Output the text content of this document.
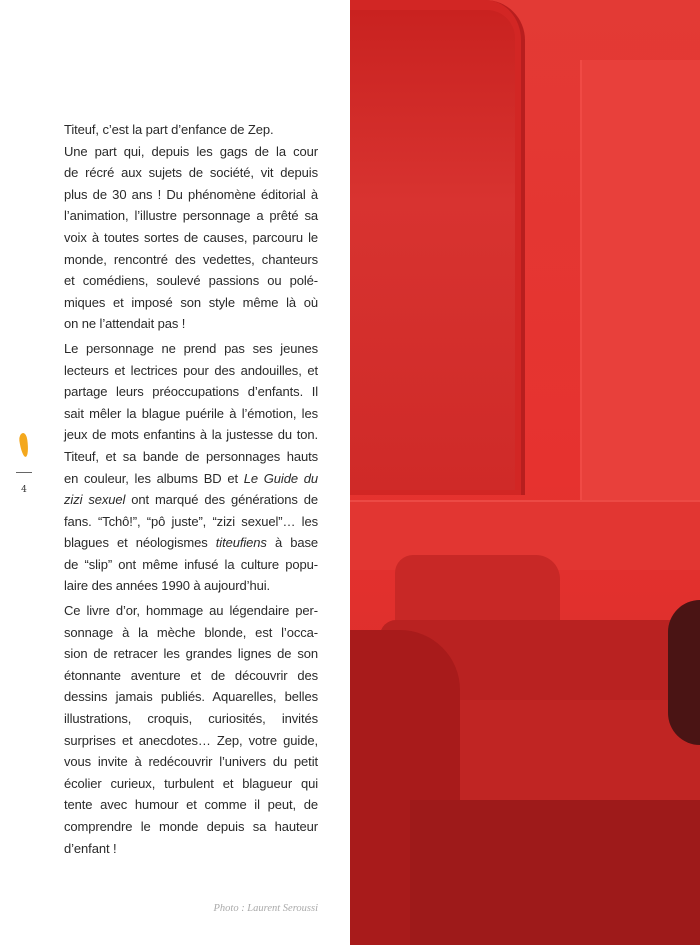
4
Titeuf, c’est la part d’enfance de Zep.
Une part qui, depuis les gags de la cour
de récré aux sujets de société, vit depuis
plus de 30 ans ! Du phénomène éditorial à
l’animation, l’illustre personnage a prêté sa
voix à toutes sortes de causes, parcouru le
monde, rencontré des vedettes, chanteurs
et comédiens, soulevé passions ou polé-
miques et imposé son style même là où
on ne l’attendait pas !
Le personnage ne prend pas ses jeunes
lecteurs et lectrices pour des andouilles, et
partage leurs préoccupations d’enfants. Il
sait mêler la blague puérile à l’émotion, les
jeux de mots enfantins à la justesse du ton.
Titeuf, et sa bande de personnages hauts
en couleur, les albums BD et Le Guide du
zizi sexuel ont marqué des générations de
fans. “Tchô!”, “pô juste”, “zizi sexuel”… les
blagues et néologismes titeufiens à base
de “slip” ont même infusé la culture popu-
laire des années 1990 à aujourd’hui.
Ce livre d’or, hommage au légendaire per-
sonnage à la mèche blonde, est l’occa-
sion de retracer les grandes lignes de son
étonnante aventure et de découvrir des
dessins jamais publiés. Aquarelles, belles
illustrations, croquis, curiosités, invités
surprises et anecdotes… Zep, votre guide,
vous invite à redécouvrir l’univers du petit
écolier curieux, turbulent et blagueur qui
tente avec humour et comme il peut, de
comprendre le monde depuis sa hauteur
d’enfant !
Photo : Laurent Seroussi
